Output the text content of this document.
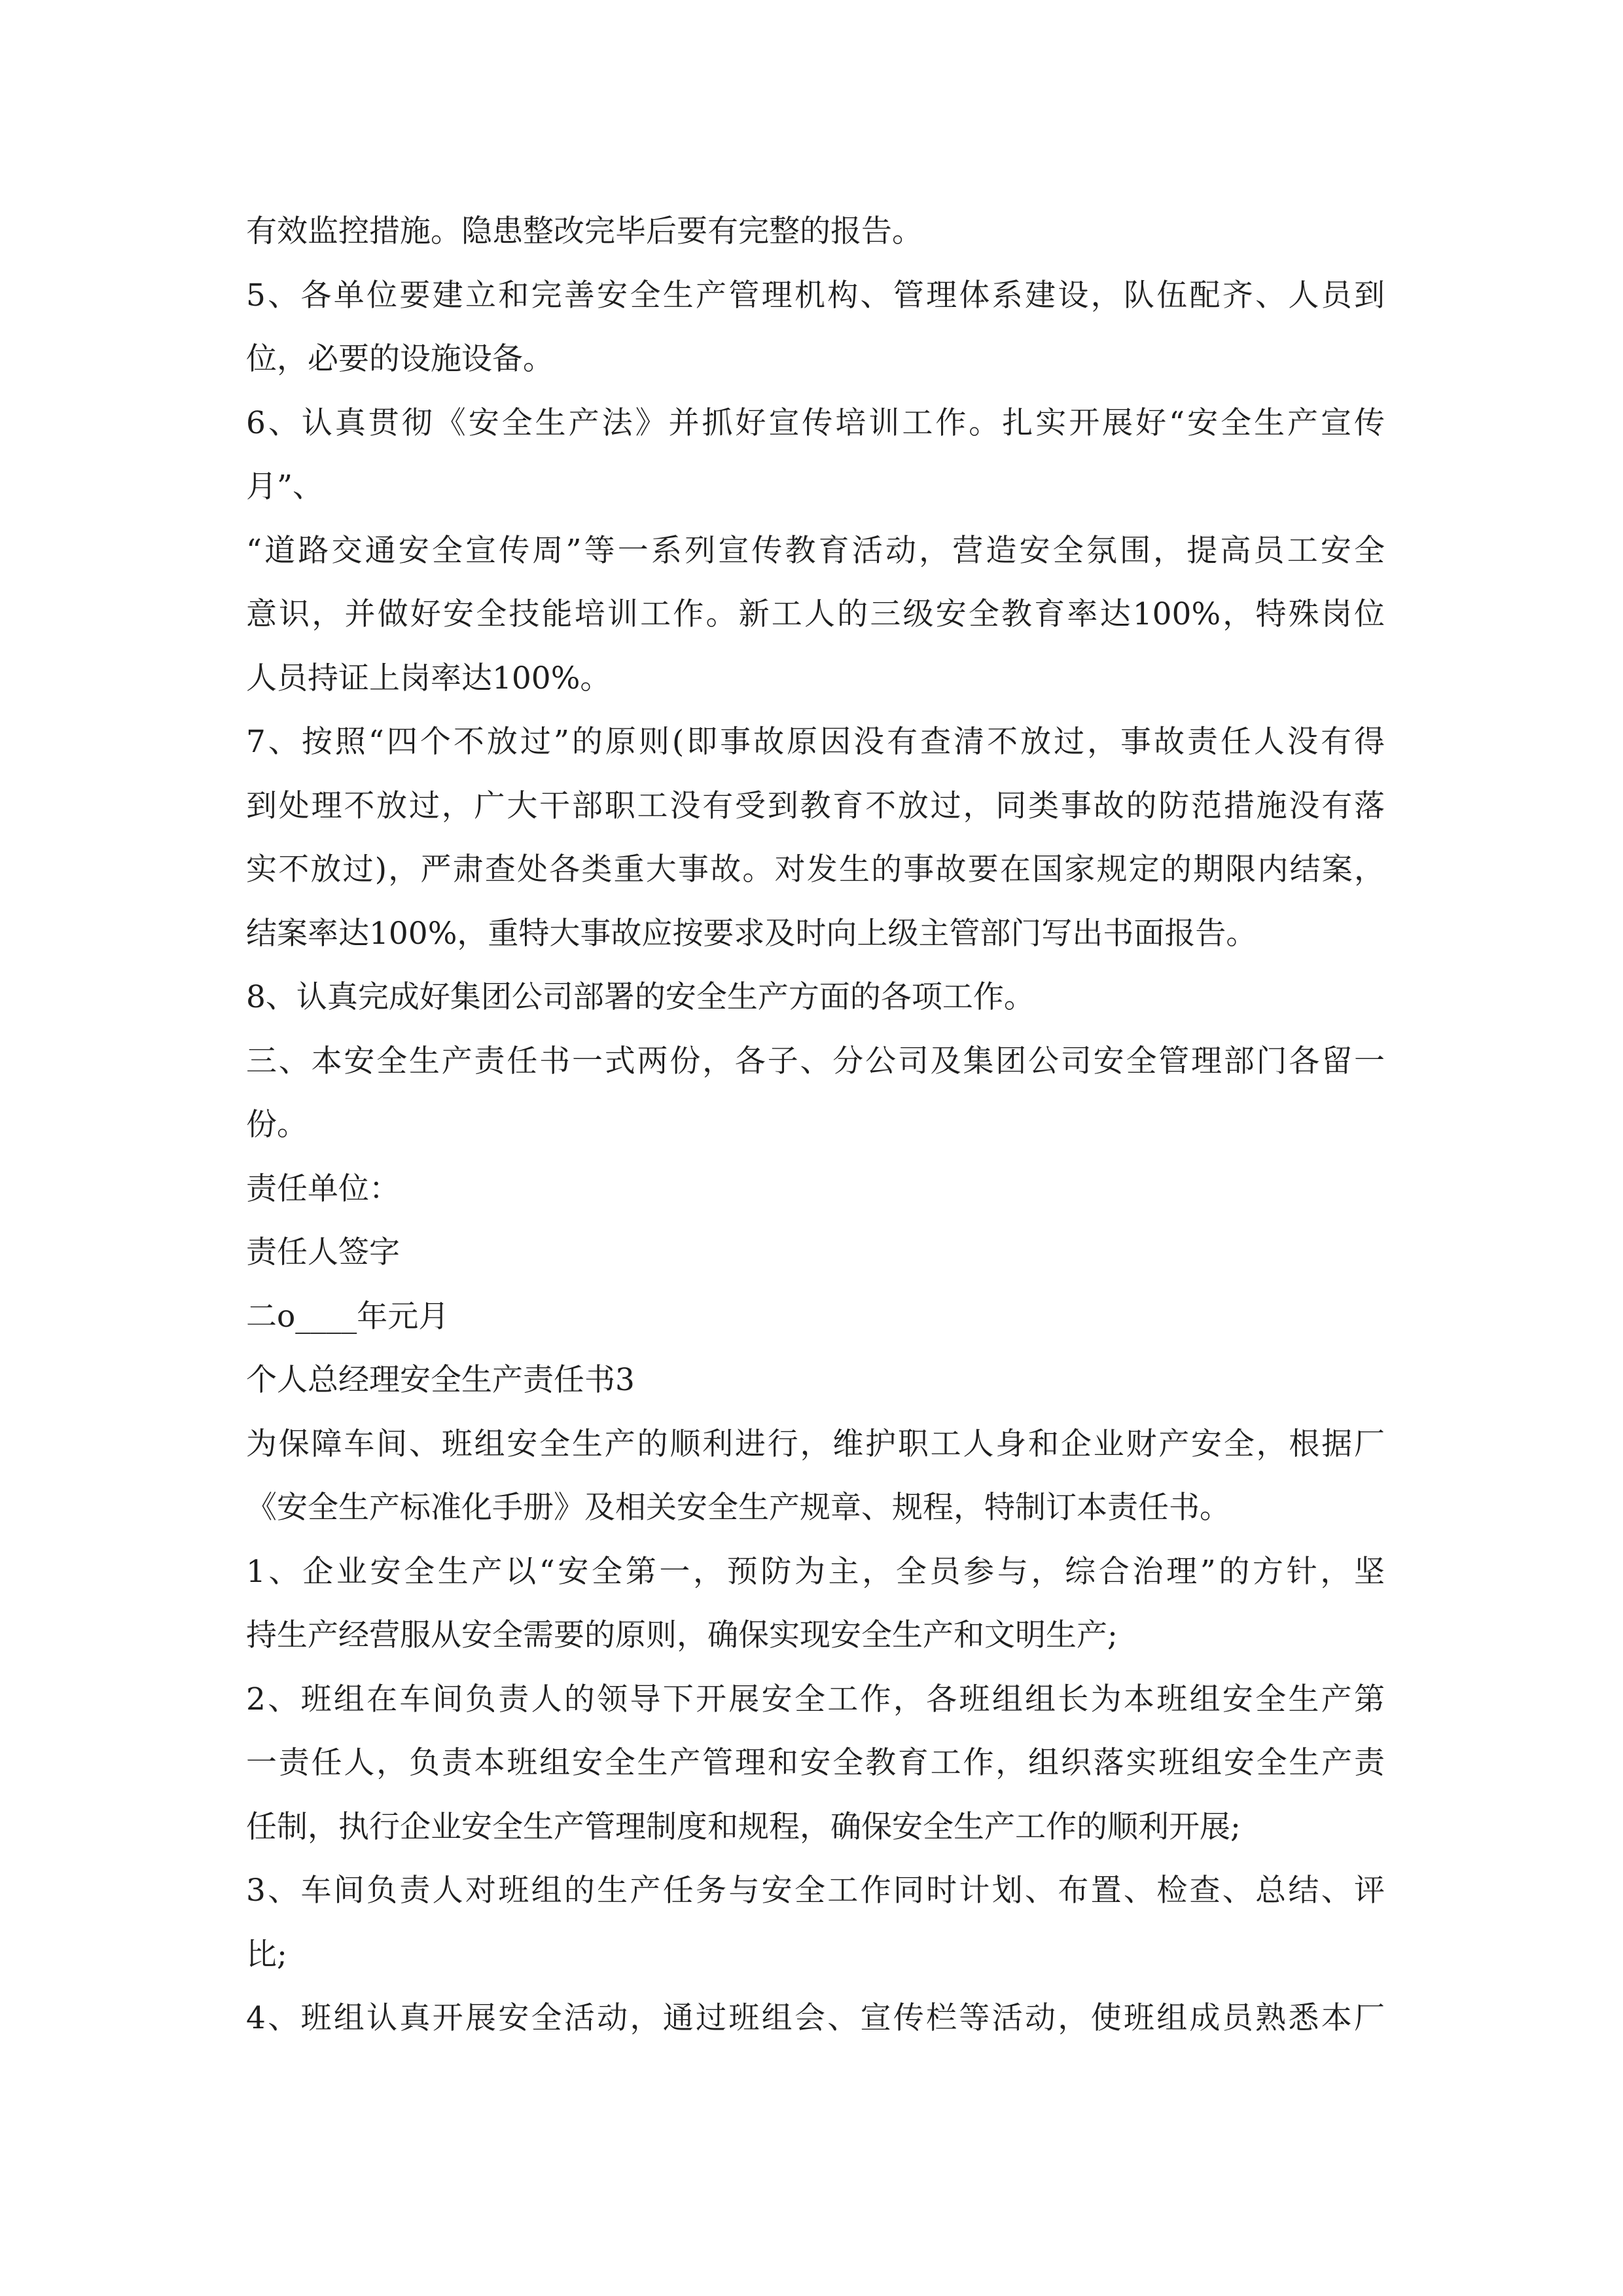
有效监控措施。隐患整改完毕后要有完整的报告。
5、各单位要建立和完善安全生产管理机构、管理体系建设，队伍配齐、人员到
位，必要的设施设备。
6、认真贯彻《安全生产法》并抓好宣传培训工作。扎实开展好“安全生产宣传
月”、
“道路交通安全宣传周”等一系列宣传教育活动，营造安全氛围，提高员工安全
意识，并做好安全技能培训工作。新工人的三级安全教育率达100%，特殊岗位
人员持证上岗率达100%。
7、按照“四个不放过”的原则(即事故原因没有查清不放过，事故责任人没有得
到处理不放过，广大干部职工没有受到教育不放过，同类事故的防范措施没有落
实不放过)，严肃查处各类重大事故。对发生的事故要在国家规定的期限内结案，
结案率达100%，重特大事故应按要求及时向上级主管部门写出书面报告。
8、认真完成好集团公司部署的安全生产方面的各项工作。
三、本安全生产责任书一式两份，各子、分公司及集团公司安全管理部门各留一
份。
责任单位：
责任人签字
二o____年元月
个人总经理安全生产责任书3
为保障车间、班组安全生产的顺利进行，维护职工人身和企业财产安全，根据厂
《安全生产标准化手册》及相关安全生产规章、规程，特制订本责任书。
1、企业安全生产以“安全第一，预防为主，全员参与，综合治理”的方针，坚
持生产经营服从安全需要的原则，确保实现安全生产和文明生产;
2、班组在车间负责人的领导下开展安全工作，各班组组长为本班组安全生产第
一责任人，负责本班组安全生产管理和安全教育工作，组织落实班组安全生产责
任制，执行企业安全生产管理制度和规程，确保安全生产工作的顺利开展;
3、车间负责人对班组的生产任务与安全工作同时计划、布置、检查、总结、评
比;
4、班组认真开展安全活动，通过班组会、宣传栏等活动，使班组成员熟悉本厂
